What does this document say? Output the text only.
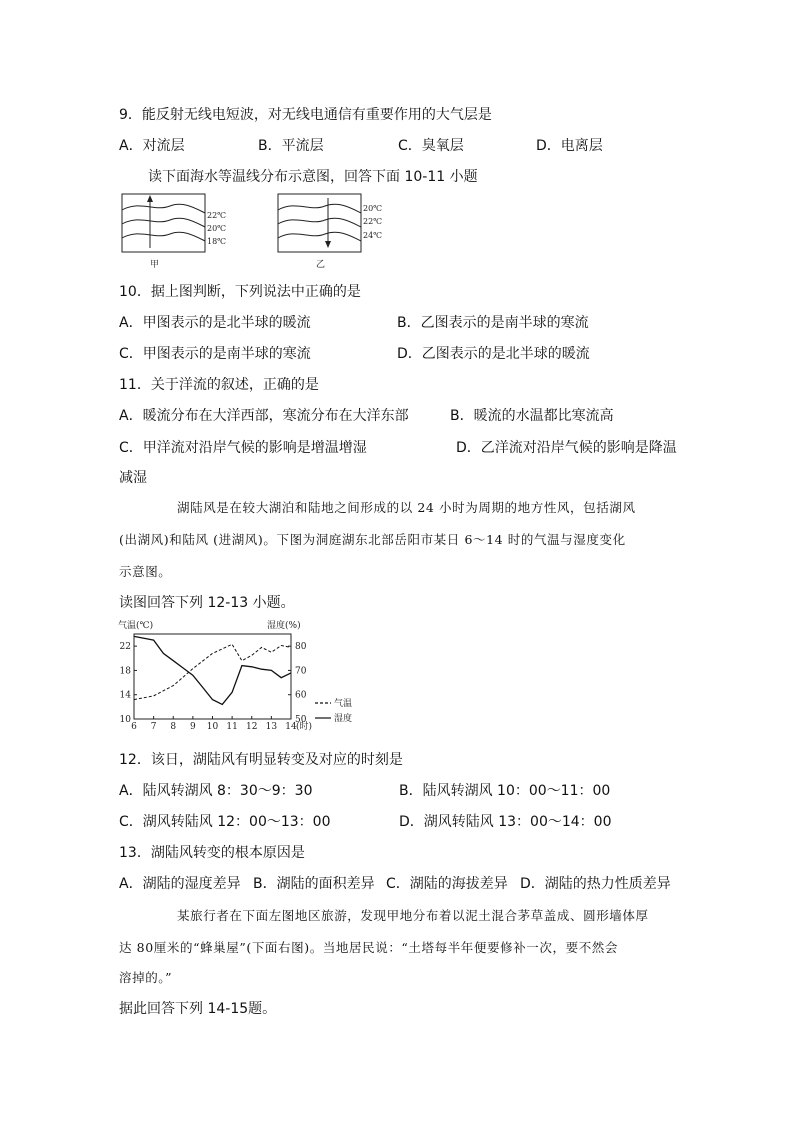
9．能反射无线电短波，对无线电通信有重要作用的大气层是
A．对流层	B．平流层	C．臭氧层	D．电离层
读下面海水等温线分布示意图，回答下面 10-11 小题
22℃
20℃
18℃
甲
20℃
22℃
24℃
乙
10．据上图判断，下列说法中正确的是
A．甲图表示的是北半球的暖流	B．乙图表示的是南半球的寒流
C．甲图表示的是南半球的寒流	D．乙图表示的是北半球的暖流
11．关于洋流的叙述，正确的是
A．暖流分布在大洋西部，寒流分布在大洋东部	B．暖流的水温都比寒流高
C．甲洋流对沿岸气候的影响是增温增湿	D．乙洋流对沿岸气候的影响是降温
减湿
湖陆风是在较大湖泊和陆地之间形成的以 24 小时为周期的地方性风，包括湖风
(出湖风)和陆风 (进湖风)。下图为洞庭湖东北部岳阳市某日 6～14 时的气温与湿度变化
示意图。
读图回答下列 12-13 小题。
气温(℃)	湿度(%)
22
18
14
10
80
70
60
50
6 7 8 9 10 11 12 13 14 (时)
气温
湿度
12．该日，湖陆风有明显转变及对应的时刻是
A．陆风转湖风 8：30～9：30	B．陆风转湖风 10：00～11：00
C．湖风转陆风 12：00～13：00	D．湖风转陆风 13：00～14：00
13．湖陆风转变的根本原因是
A．湖陆的湿度差异 B．湖陆的面积差异 C．湖陆的海拔差异 D．湖陆的热力性质差异
某旅行者在下面左图地区旅游，发现甲地分布着以泥土混合茅草盖成、圆形墙体厚
达 80厘米的“蜂巢屋”(下面右图)。当地居民说：“土塔每半年便要修补一次，要不然会
溶掉的。”
据此回答下列 14-15题。
